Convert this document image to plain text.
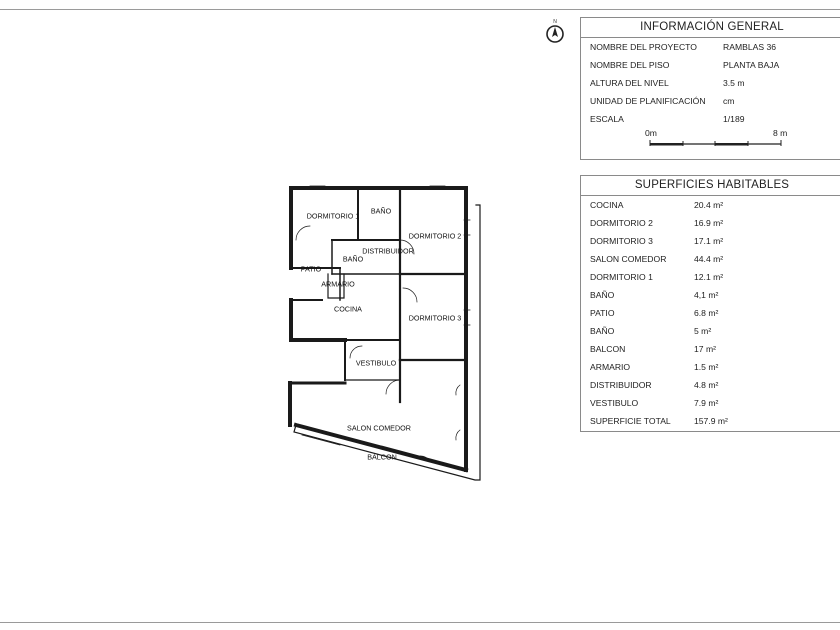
N	INFORMACIÓN GENERAL
NOMBRE DEL PROYECTO	RAMBLAS 36
NOMBRE DEL PISO	PLANTA BAJA
ALTURA DEL NIVEL	3.5 m
UNIDAD DE PLANIFICACIÓN cm
ESCALA	1/189
0m	8 m
SUPERFICIES HABITABLES
COCINA	20.4 m²
DORMITORIO 2	16.9 m²
DORMITORIO 3	17.1 m²
SALON COMEDOR	44.4 m²
DORMITORIO 1	12.1 m²
BAÑO	4,1 m²
PATIO	6.8 m²
BAÑO	5 m²
BALCON	17 m²
ARMARIO	1.5 m²
DISTRIBUIDOR	4.8 m²
VESTIBULO	7.9 m²
SUPERFICIE TOTAL	157.9 m²
DORMITORIO 1
BAÑO
DORMITORIO 2
DISTRIBUIDOR
BAÑO
PATIO
ARMARIO
COCINA
DORMITORIO 3
VESTIBULO
SALON COMEDOR
BALCON
